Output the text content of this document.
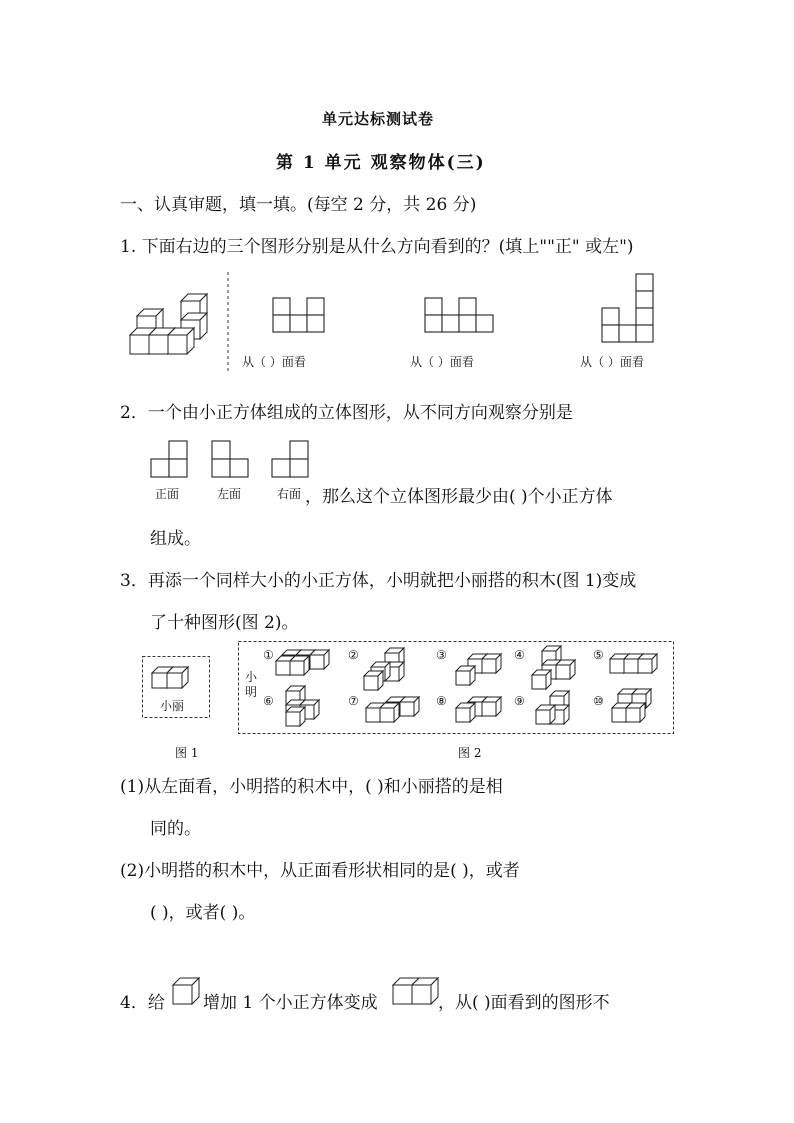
单元达标测试卷
第 1 单元 观察物体(三)
一、认真审题，填一填。(每空 2 分，共 26 分)
1. 下面右边的三个图形分别是从什么方向看到的？(填上""正" 或左")
从（ ）面看	从（ ）面看	从（ ）面看
2．一个由小正方体组成的立体图形，从不同方向观察分别是
正面	左面	右面 ，那么这个立体图形最少由( )个小正方体
组成。
3．再添一个同样大小的小正方体，小明就把小丽搭的积木(图 1)变成
了十种图形(图 2)。
小丽
图 1
小明
①	②	③	④	⑤
⑥	⑦	⑧	⑨	⑩
图 2
(1)从左面看，小明搭的积木中，( )和小丽搭的是相
同的。
(2)小明搭的积木中，从正面看形状相同的是( )，或者
( )，或者( )。
4．给 增加 1 个小正方体变成	，从( )面看到的图形不
